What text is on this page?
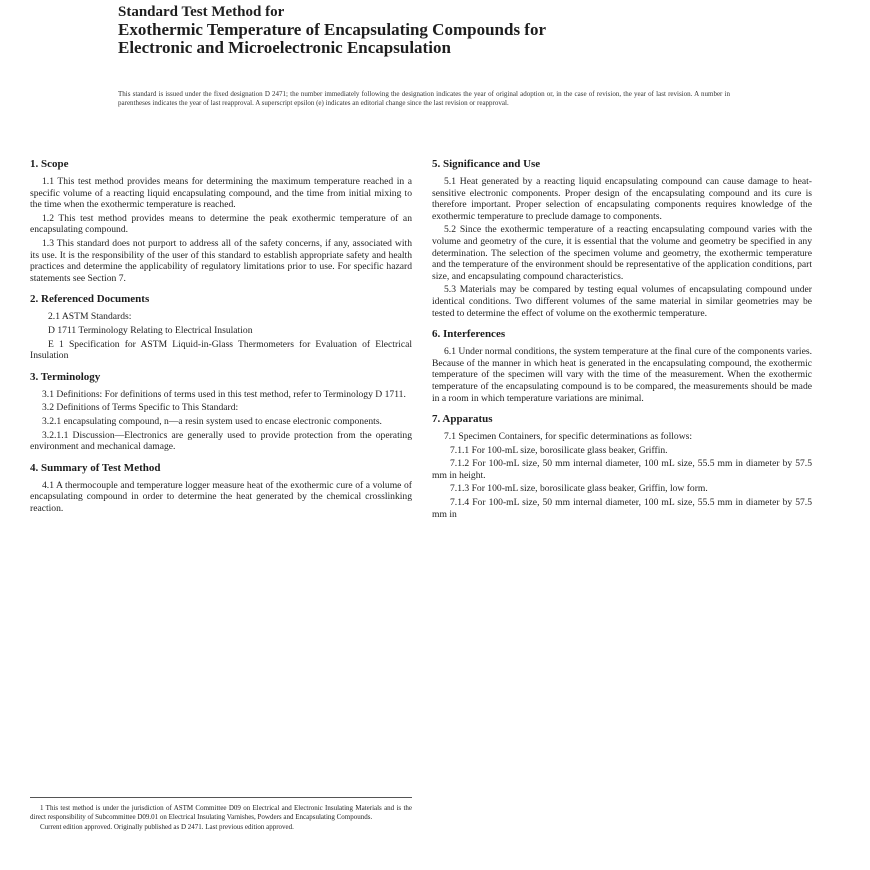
Standard Test Method for
Exothermic Temperature of Encapsulating Compounds for
Electronic and Microelectronic Encapsulation
This standard is issued under the fixed designation D 2471; the number immediately following the designation indicates the year of original adoption or, in the case of revision, the year of last revision. A number in parentheses indicates the year of last reapproval. A superscript epsilon (e) indicates an editorial change since the last revision or reapproval.
1. Scope

1.1 This test method provides means for determining the maximum temperature reached in a specific volume of a reacting liquid encapsulating compound, and the time from initial mixing to the time when the exothermic temperature is reached.

1.2 This test method provides means to determine the peak exothermic temperature of an encapsulating compound.

1.3 This standard does not purport to address all of the safety concerns, if any, associated with its use. It is the responsibility of the user of this standard to establish appropriate safety and health practices and determine the applicability of regulatory limitations prior to use. For specific hazard statements see Section 7.

2. Referenced Documents

2.1 ASTM Standards:

D 1711 Terminology Relating to Electrical Insulation

E 1 Specification for ASTM Liquid-in-Glass Thermometers for Evaluation of Electrical Insulation

3. Terminology

3.1 Definitions: For definitions of terms used in this test method, refer to Terminology D 1711.

3.2 Definitions of Terms Specific to This Standard:

3.2.1 encapsulating compound, n—a resin system used to encase electronic components.

3.2.1.1 Discussion—Electronics are generally used to provide protection from the operating environment and mechanical damage.

4. Summary of Test Method

4.1 A thermocouple and temperature logger measure heat of the exothermic cure of a volume of encapsulating compound in order to determine the heat generated by the chemical crosslinking reaction.

1 This test method is under the jurisdiction of ASTM Committee D09 on Electrical and Electronic Insulating Materials and is the direct responsibility of Subcommittee D09.01 on Electrical Insulating Varnishes, Powders and Encapsulating Compounds.

Current edition approved. Originally published as D 2471. Last previous edition approved.

5. Significance and Use

5.1 Heat generated by a reacting liquid encapsulating compound can cause damage to heat-sensitive electronic components. Proper design of the encapsulating compound and its cure is therefore important. Proper selection of encapsulating components requires knowledge of the exothermic temperature to preclude damage to components.

5.2 Since the exothermic temperature of a reacting encapsulating compound varies with the volume and geometry of the cure, it is essential that the volume and geometry be specified in any determination. The selection of the specimen volume and geometry, the exothermic temperature and the temperature of the environment should be representative of the application conditions, part size, and encapsulating compound characteristics.

5.3 Materials may be compared by testing equal volumes of encapsulating compound under identical conditions. Two different volumes of the same material in similar geometries may be tested to determine the effect of volume on the exothermic temperature.

6. Interferences

6.1 Under normal conditions, the system temperature at the final cure of the components varies. Because of the manner in which heat is generated in the encapsulating compound, the exothermic temperature of the specimen will vary with the time of the measurement. When the exothermic temperature of the encapsulating compound is to be compared, the measurements should be made in a room in which temperature variations are minimal.

7. Apparatus

7.1 Specimen Containers, for specific determinations as follows:

7.1.1 For 100-mL size, borosilicate glass beaker, Griffin.

7.1.2 For 100-mL size, 50 mm internal diameter, 100 mL size, 55.5 mm in diameter by 57.5 mm in height.

7.1.3 For 100-mL size, borosilicate glass beaker, Griffin, low form.

7.1.4 For 100-mL size, 50 mm internal diameter, 100 mL size, 55.5 mm in diameter by 57.5 mm in
